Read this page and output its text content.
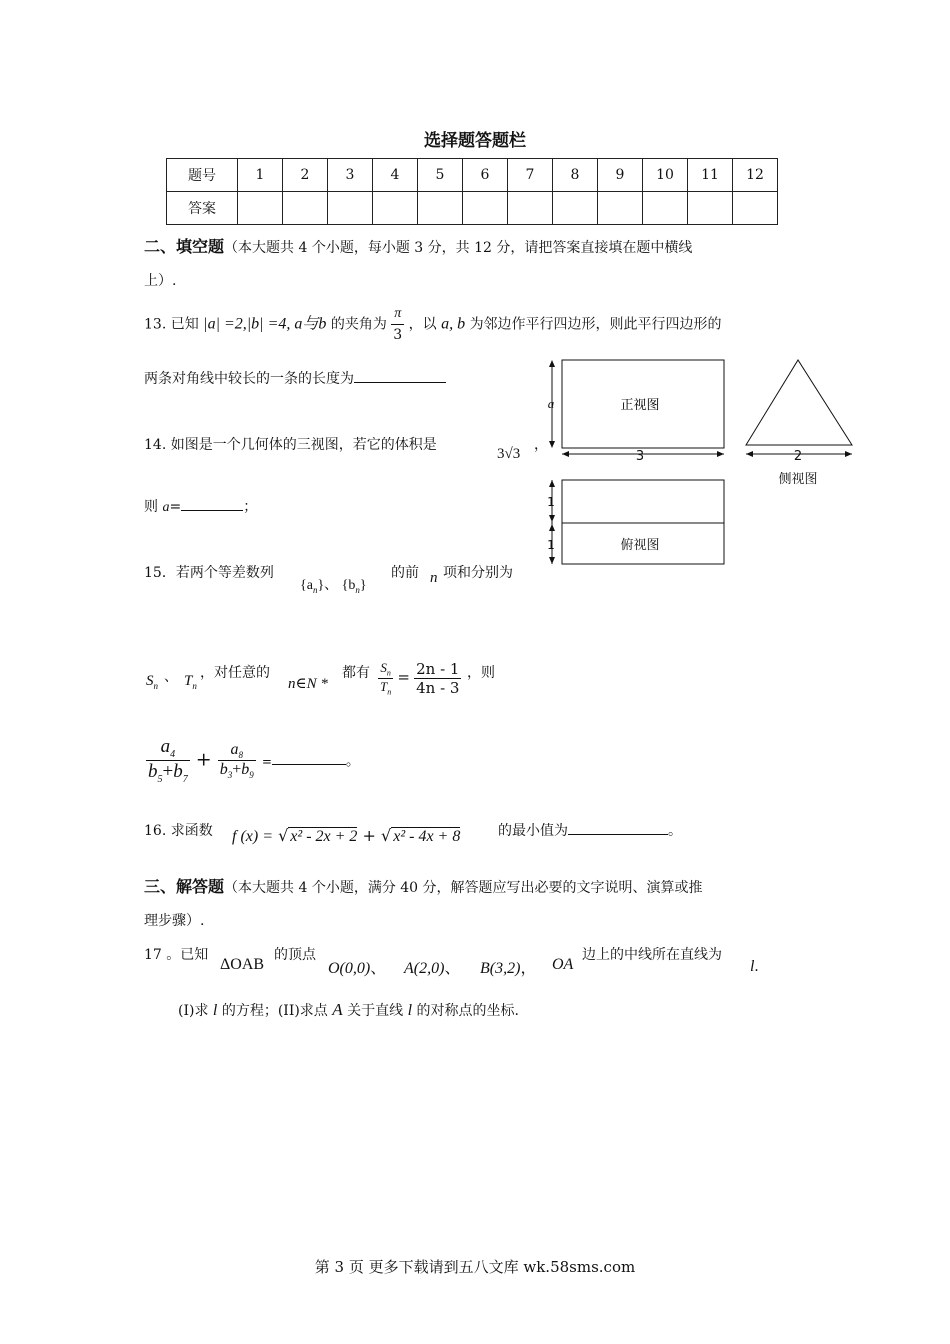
选择题答题栏
题号	1	2	3	4	5	6	7	8	9	10	11	12
答案												
二、填空题（本大题共 4 个小题，每小题 3 分，共 12 分，请把答案直接填在题中横线
上）.
13. 已知 |a| =2,|b| =4, a与b 的夹角为 $\frac{\pi}{3}$ ，以 a, b 为邻边作平行四边形，则此平行四边形的
两条对角线中较长的一条的长度为
14. 如图是一个几何体的三视图，若它的体积是
3√3
，
则 a=	；
正视图
a
3	2
侧视图
俯视图
1
1
15．若两个等差数列
$\{a_n\}$、 $\{b_n\}$
的前 n 项和分别为
$S_n$
、 $T_n$
，对任意的
n∈N *
都有 $\frac{S_n}{T_n} = \frac{2n - 1}{4n - 3}$ ，则
$\frac{a_4}{b_5+b_7} + \frac{a_8}{b_3+b_9}$ =	。
16. 求函数 f (x) = √ x² - 2x + 2 + √ x² - 4x + 8	的最小值为	。
三、解答题（本大题共 4 个小题，满分 40 分，解答题应写出必要的文字说明、演算或推
理步骤）.
17 。已知
ΔOAB
的顶点
O(0,0)、 A(2,0)、 B(3,2)， OA
边上的中线所在直线为
l.
(I)求 l 的方程；(II)求点 A 关于直线 l 的对称点的坐标.
第 3 页 更多下载请到五八文库 wk.58sms.com
